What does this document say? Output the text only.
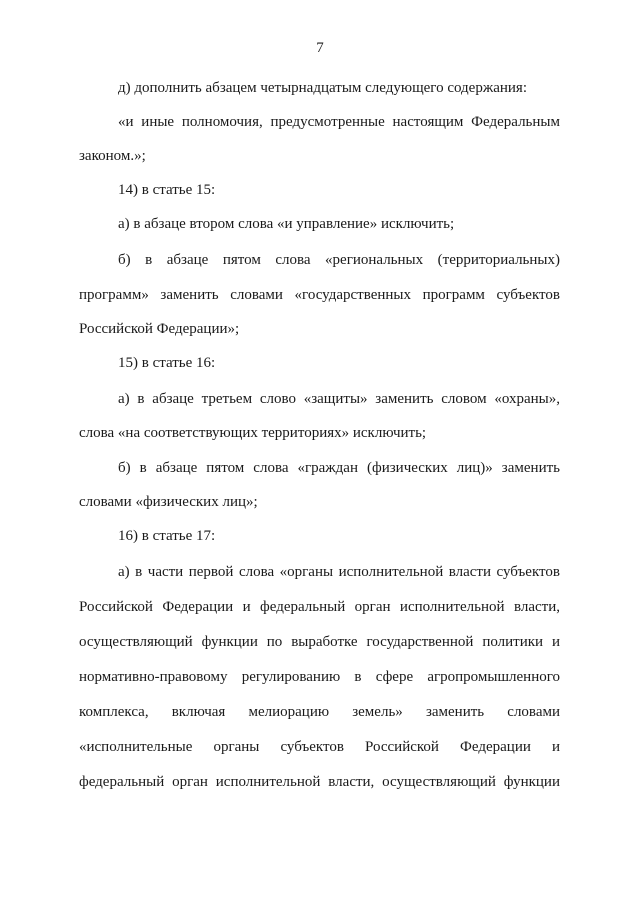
7
д) дополнить абзацем четырнадцатым следующего содержания:
«и иные полномочия, предусмотренные настоящим Федеральным
законом.»;
14) в статье 15:
а) в абзаце втором слова «и управление» исключить;
б) в абзаце пятом слова «региональных (территориальных)
программ» заменить словами «государственных программ субъектов
Российской Федерации»;
15) в статье 16:
а) в абзаце третьем слово «защиты» заменить словом «охраны»,
слова «на соответствующих территориях» исключить;
б) в абзаце пятом слова «граждан (физических лиц)» заменить
словами «физических лиц»;
16) в статье 17:
а) в части первой слова «органы исполнительной власти субъектов
Российской Федерации и федеральный орган исполнительной власти,
осуществляющий функции по выработке государственной политики и
нормативно-правовому регулированию в сфере агропромышленного
комплекса, включая мелиорацию земель» заменить словами
«исполнительные органы субъектов Российской Федерации и
федеральный орган исполнительной власти, осуществляющий функции
